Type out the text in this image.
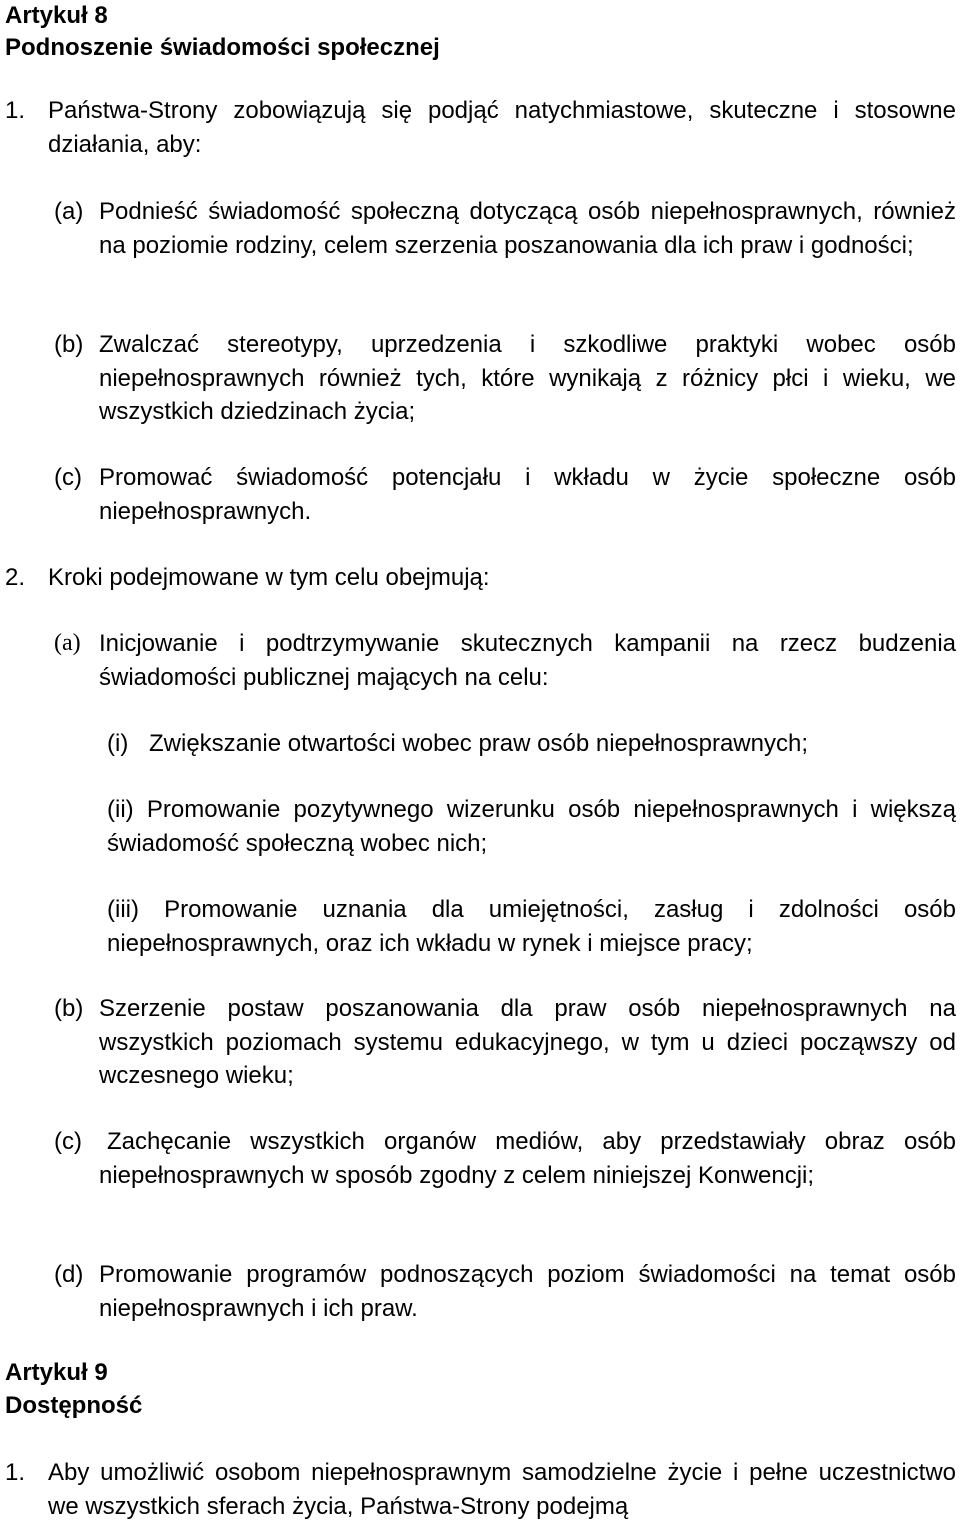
Artykuł 8
Podnoszenie świadomości społecznej
1. Państwa-Strony zobowiązują się podjąć natychmiastowe, skuteczne i stosowne działania, aby:
(a) Podnieść świadomość społeczną dotyczącą osób niepełnosprawnych, również na poziomie rodziny, celem szerzenia poszanowania dla ich praw i godności;
(b) Zwalczać stereotypy, uprzedzenia i szkodliwe praktyki wobec osób niepełnosprawnych również tych, które wynikają z różnicy płci i wieku, we wszystkich dziedzinach życia;
(c) Promować świadomość potencjału i wkładu w życie społeczne osób niepełnosprawnych.
2. Kroki podejmowane w tym celu obejmują:
(a) Inicjowanie i podtrzymywanie skutecznych kampanii na rzecz budzenia świadomości publicznej mających na celu:
(i) Zwiększanie otwartości wobec praw osób niepełnosprawnych;
(ii) Promowanie pozytywnego wizerunku osób niepełnosprawnych i większą świadomość społeczną wobec nich;
(iii) Promowanie uznania dla umiejętności, zasług i zdolności osób niepełnosprawnych, oraz ich wkładu w rynek i miejsce pracy;
(b) Szerzenie postaw poszanowania dla praw osób niepełnosprawnych na wszystkich poziomach systemu edukacyjnego, w tym u dzieci począwszy od wczesnego wieku;
(c)	Zachęcanie wszystkich organów mediów, aby przedstawiały obraz osób niepełnosprawnych w sposób zgodny z celem niniejszej Konwencji;
(d) Promowanie programów podnoszących poziom świadomości na temat osób niepełnosprawnych i ich praw.
Artykuł 9
Dostępność
1. Aby umożliwić osobom niepełnosprawnym samodzielne życie i pełne uczestnictwo we wszystkich sferach życia, Państwa-Strony podejmą
